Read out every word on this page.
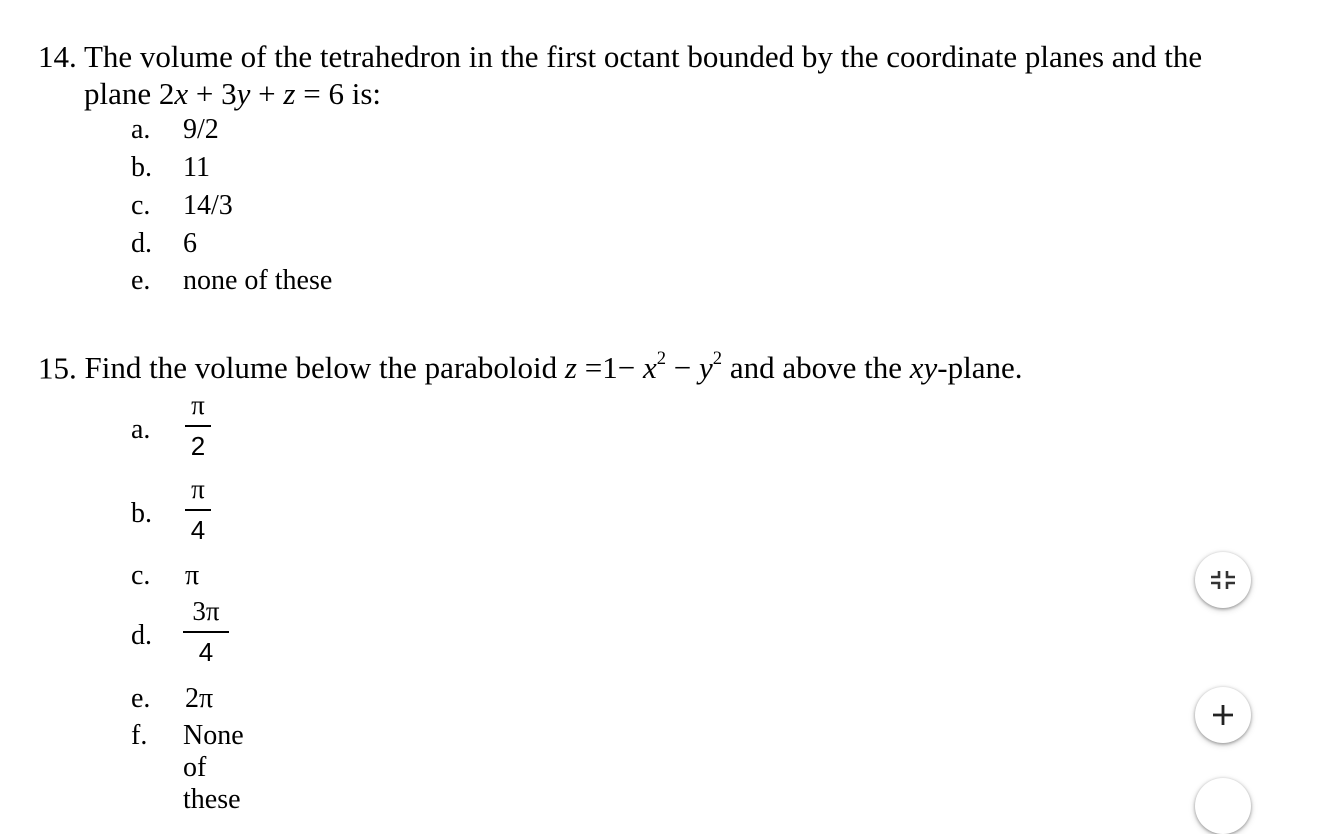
14. The volume of the tetrahedron in the first octant bounded by the coordinate planes and the
plane 2x + 3y + z = 6 is:
a. 9/2
b. 11
c. 14/3
d. 6
e. none of these
15. Find the volume below the paraboloid $z =1- x^2 - y^2$ and above the xy-plane.
a.
π
2
b.
π
4
c. π
d.
3π
4
e. 2π
f. None of these
